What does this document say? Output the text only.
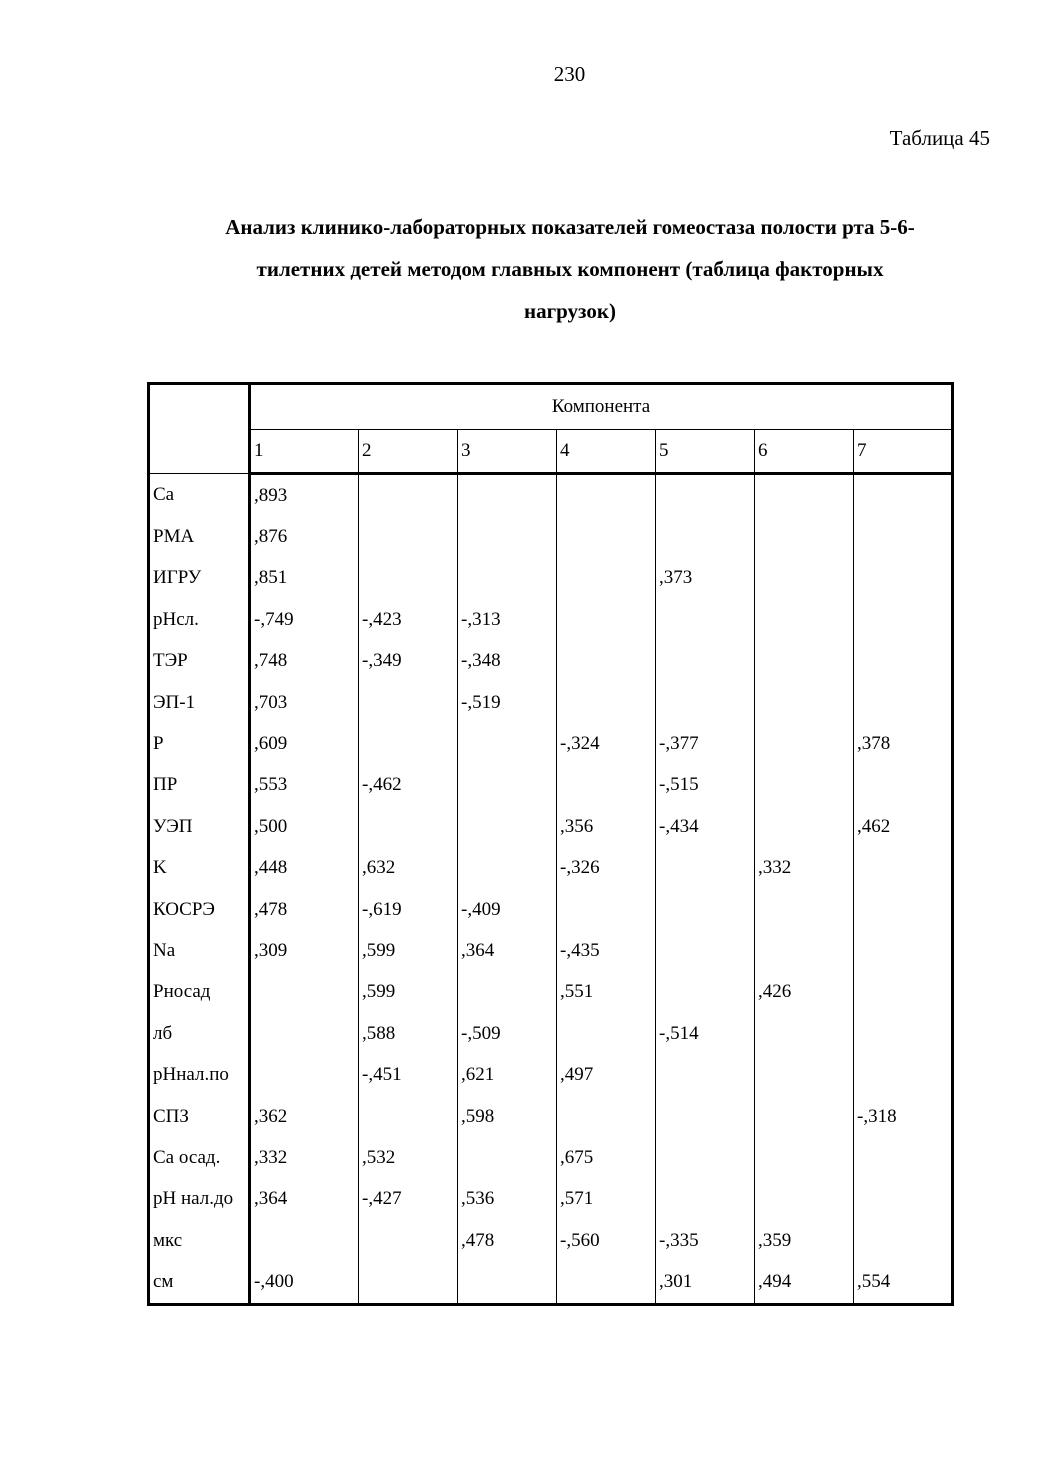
230
Таблица 45
Анализ клинико-лабораторных показателей гомеостаза полости рта 5-6-
тилетних детей методом главных компонент (таблица факторных
нагрузок)
	Компонента						
	1	2	3	4	5	6	7
Ca	,893						
РМА	,876						
ИГРУ	,851				,373		
рНсл.	-,749	-,423	-,313				
ТЭР	,748	-,349	-,348				
ЭП-1	,703		-,519				
P	,609			-,324	-,377		,378
ПР	,553	-,462			-,515		
УЭП	,500			,356	-,434		,462
K	,448	,632		-,326		,332	
КОСРЭ	,478	-,619	-,409				
Na	,309	,599	,364	-,435			
Рносад		,599		,551		,426	
лб		,588	-,509		-,514		
рНнал.по		-,451	,621	,497			
СПЗ	,362		,598				-,318
Са осад.	,332	,532		,675			
рН нал.до	,364	-,427	,536	,571			
мкс			,478	-,560	-,335	,359	
см	-,400				,301	,494	,554
